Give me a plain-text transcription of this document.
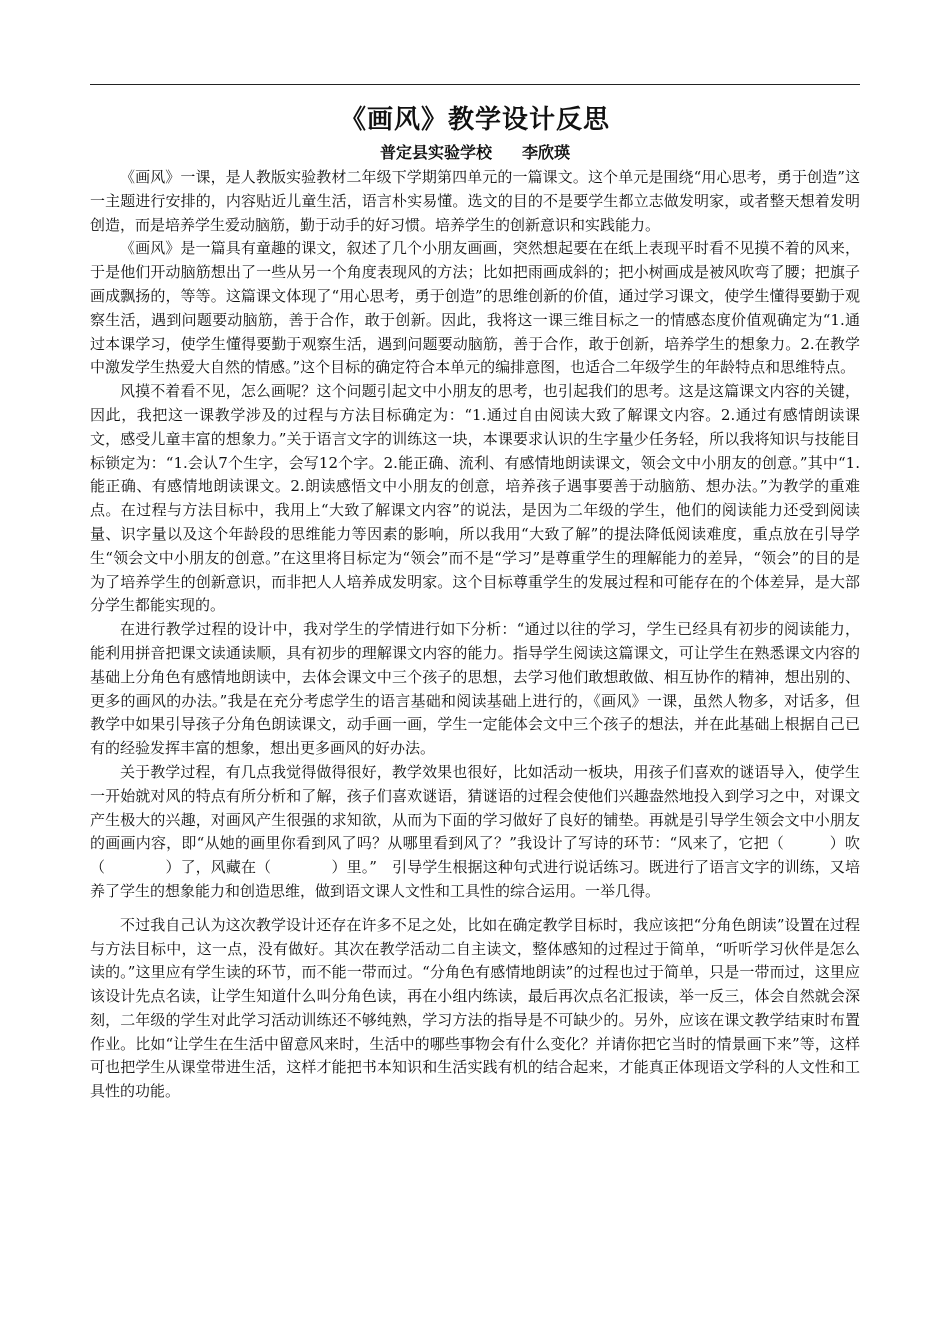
《画风》教学设计反思
普定县实验学校 李欣瑛

《画风》一课，是人教版实验教材二年级下学期第四单元的一篇课文。这个单元是围绕“用心思考，勇于创造”这一主题进行安排的，内容贴近儿童生活，语言朴实易懂。选文的目的不是要学生都立志做发明家，或者整天想着发明创造，而是培养学生爱动脑筋，勤于动手的好习惯。培养学生的创新意识和实践能力。

《画风》是一篇具有童趣的课文，叙述了几个小朋友画画，突然想起要在在纸上表现平时看不见摸不着的风来，于是他们开动脑筋想出了一些从另一个角度表现风的方法；比如把雨画成斜的；把小树画成是被风吹弯了腰；把旗子画成飘扬的，等等。这篇课文体现了“用心思考，勇于创造”的思维创新的价值，通过学习课文，使学生懂得要勤于观察生活，遇到问题要动脑筋，善于合作，敢于创新。因此，我将这一课三维目标之一的情感态度价值观确定为“1.通过本课学习，使学生懂得要勤于观察生活，遇到问题要动脑筋，善于合作，敢于创新，培养学生的想象力。2.在教学中激发学生热爱大自然的情感。”这个目标的确定符合本单元的编排意图，也适合二年级学生的年龄特点和思维特点。

风摸不着看不见，怎么画呢？这个问题引起文中小朋友的思考，也引起我们的思考。这是这篇课文内容的关键，因此，我把这一课教学涉及的过程与方法目标确定为：“1.通过自由阅读大致了解课文内容。2.通过有感情朗读课文，感受儿童丰富的想象力。”关于语言文字的训练这一块，本课要求认识的生字量少任务轻，所以我将知识与技能目标锁定为：“1.会认7个生字，会写12个字。2.能正确、流利、有感情地朗读课文，领会文中小朋友的创意。”其中“1.能正确、有感情地朗读课文。2.朗读感悟文中小朋友的创意，培养孩子遇事要善于动脑筋、想办法。”为教学的重难点。在过程与方法目标中，我用上“大致了解课文内容”的说法，是因为二年级的学生，他们的阅读能力还受到阅读量、识字量以及这个年龄段的思维能力等因素的影响，所以我用“大致了解”的提法降低阅读难度，重点放在引导学生“领会文中小朋友的创意。”在这里将目标定为“领会”而不是“学习”是尊重学生的理解能力的差异，“领会”的目的是为了培养学生的创新意识，而非把人人培养成发明家。这个目标尊重学生的发展过程和可能存在的个体差异，是大部分学生都能实现的。

在进行教学过程的设计中，我对学生的学情进行如下分析：“通过以往的学习，学生已经具有初步的阅读能力，能利用拼音把课文读通读顺，具有初步的理解课文内容的能力。指导学生阅读这篇课文，可让学生在熟悉课文内容的基础上分角色有感情地朗读中，去体会课文中三个孩子的思想，去学习他们敢想敢做、相互协作的精神，想出别的、更多的画风的办法。”我是在充分考虑学生的语言基础和阅读基础上进行的，《画风》一课，虽然人物多，对话多，但教学中如果引导孩子分角色朗读课文，动手画一画，学生一定能体会文中三个孩子的想法，并在此基础上根据自己已有的经验发挥丰富的想象，想出更多画风的好办法。

关于教学过程，有几点我觉得做得很好，教学效果也很好，比如活动一板块，用孩子们喜欢的谜语导入，使学生一开始就对风的特点有所分析和了解，孩子们喜欢谜语，猜谜语的过程会使他们兴趣盎然地投入到学习之中，对课文产生极大的兴趣，对画风产生很强的求知欲，从而为下面的学习做好了良好的铺垫。再就是引导学生领会文中小朋友的画画内容，即“从她的画里你看到风了吗？从哪里看到风了？”我设计了写诗的环节：“风来了，它把（　　　）吹（　　　　）了，风藏在（　　　　）里。”　引导学生根据这种句式进行说话练习。既进行了语言文字的训练，又培养了学生的想象能力和创造思维，做到语文课人文性和工具性的综合运用。一举几得。

不过我自己认为这次教学设计还存在许多不足之处，比如在确定教学目标时，我应该把“分角色朗读”设置在过程与方法目标中，这一点，没有做好。其次在教学活动二自主读文，整体感知的过程过于简单，“听听学习伙伴是怎么读的。”这里应有学生读的环节，而不能一带而过。“分角色有感情地朗读”的过程也过于简单，只是一带而过，这里应该设计先点名读，让学生知道什么叫分角色读，再在小组内练读，最后再次点名汇报读，举一反三，体会自然就会深刻，二年级的学生对此学习活动训练还不够纯熟，学习方法的指导是不可缺少的。另外，应该在课文教学结束时布置作业。比如“让学生在生活中留意风来时，生活中的哪些事物会有什么变化？并请你把它当时的情景画下来”等，这样可也把学生从课堂带进生活，这样才能把书本知识和生活实践有机的结合起来，才能真正体现语文学科的人文性和工具性的功能。
